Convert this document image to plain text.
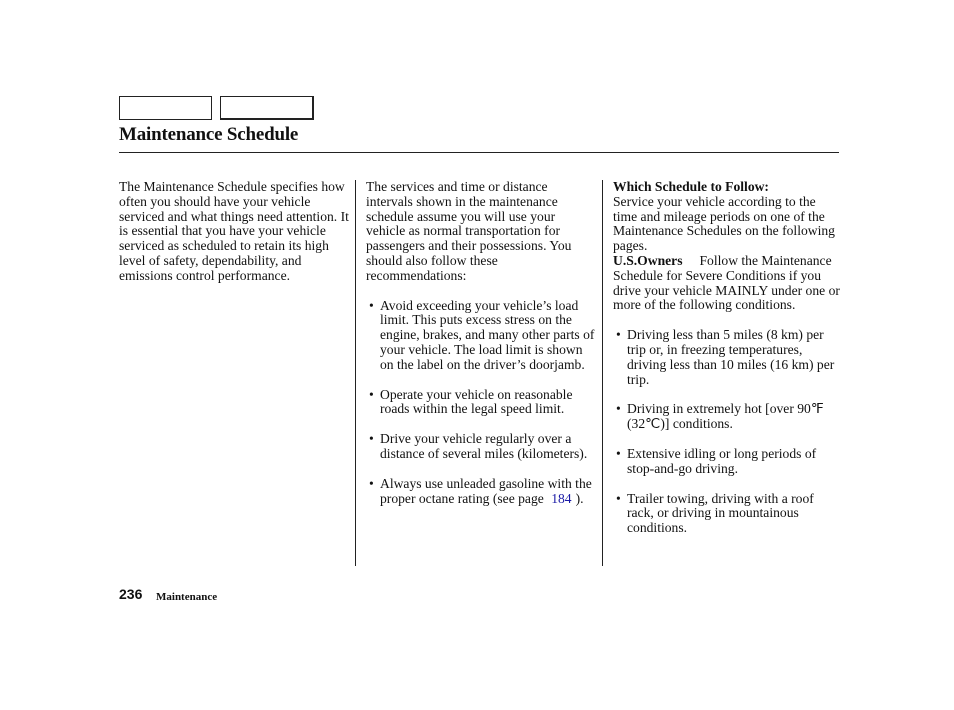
Maintenance Schedule

The Maintenance Schedule specifies how often you should have your vehicle serviced and what things need attention. It is essential that you have your vehicle serviced as scheduled to retain its high level of safety, dependability, and emissions control performance.

The services and time or distance intervals shown in the maintenance schedule assume you will use your vehicle as normal transportation for passengers and their possessions. You should also follow these recommendations:

• Avoid exceeding your vehicle’s load limit. This puts excess stress on the engine, brakes, and many other parts of your vehicle. The load limit is shown on the label on the driver’s doorjamb.
• Operate your vehicle on reasonable roads within the legal speed limit.
• Drive your vehicle regularly over a distance of several miles (kilometers).
• Always use unleaded gasoline with the proper octane rating (see page 184 ).

Which Schedule to Follow:
Service your vehicle according to the time and mileage periods on one of the Maintenance Schedules on the following pages.

U.S.Owners Follow the Maintenance Schedule for Severe Conditions if you drive your vehicle MAINLY under one or more of the following conditions.

• Driving less than 5 miles (8 km) per trip or, in freezing temperatures, driving less than 10 miles (16 km) per trip.
• Driving in extremely hot [over 90℉ (32℃)] conditions.
• Extensive idling or long periods of stop-and-go driving.
• Trailer towing, driving with a roof rack, or driving in mountainous conditions.
236 Maintenance
